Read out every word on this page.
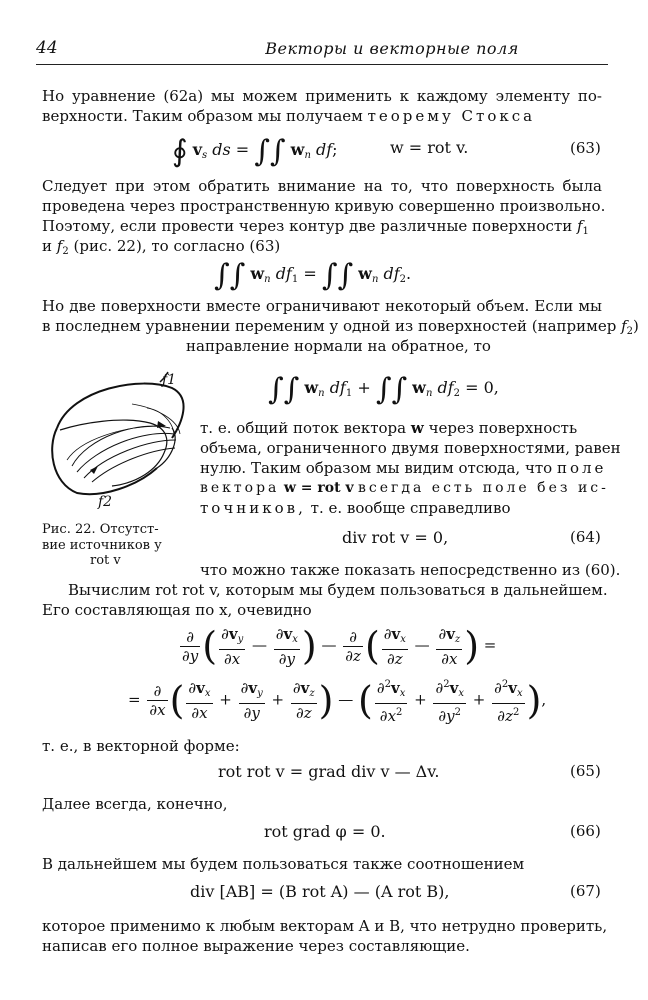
44	Векторы и векторные поля
Но уравнение (62а) мы можем применить к каждому элементу по-
верхности. Таким образом мы получаем теорему Стокса
∮ $v_s$ ds = ∫∫ $w_n$ df;	w = rot v.	(63)
Следует при этом обратить внимание на то, что поверхность была
проведена через пространственную кривую совершенно произвольно.
Поэтому, если провести через контур две различные поверхности $f_1$
и $f_2$ (рис. 22), то согласно (63)
∫∫ $w_n$ $df_1$ = ∫∫ $w_n$ $df_2$.
Но две поверхности вместе ограничивают некоторый объем. Если мы
в последнем уравнении переменим у одной из поверхностей (например $f_2$)
направление нормали на обратное, то
f1
f2
Рис. 22. Отсутст-
вие источников у
rot v
∫∫ $w_n$ $df_1$ + ∫∫ $w_n$ $df_2 = 0$,
т. е. общий поток вектора w через поверхность
объема, ограниченного двумя поверхностями, равен
нулю. Таким образом мы видим отсюда, что поле
вектора w = rot v всегда есть поле без ис-
точников, т. е. вообще справедливо
div rot v = 0,	(64)
что можно также показать непосредственно из (60).
Вычислим rot rot v, которым мы будем пользоваться в дальнейшем.
Его составляющая по x, очевидно
$\frac{\partial}{\partial y}$ ( $\frac{\partial v_y}{\partial x}$ — $\frac{\partial v_x}{\partial y}$ ) — $\frac{\partial}{\partial z}$ ( $\frac{\partial v_x}{\partial z}$ — $\frac{\partial v_z}{\partial x}$ ) =
= $\frac{\partial}{\partial x}$ ( $\frac{\partial v_x}{\partial x} + \frac{\partial v_y}{\partial y} + \frac{\partial v_z}{\partial z}$ ) — ( $\frac{\partial^2v_x}{\partial x^2} + \frac{\partial^2v_x}{\partial y^2} + \frac{\partial^2v_x}{\partial z^2}$ ),
т. е., в векторной форме:
rot rot v = grad div v — Δv.	(65)
Далее всегда, конечно,
rot grad φ = 0.	(66)
В дальнейшем мы будем пользоваться также соотношением
div [AB] = (B rot A) — (A rot B),	(67)
которое применимо к любым векторам A и B, что нетрудно проверить,
написав его полное выражение через составляющие.
